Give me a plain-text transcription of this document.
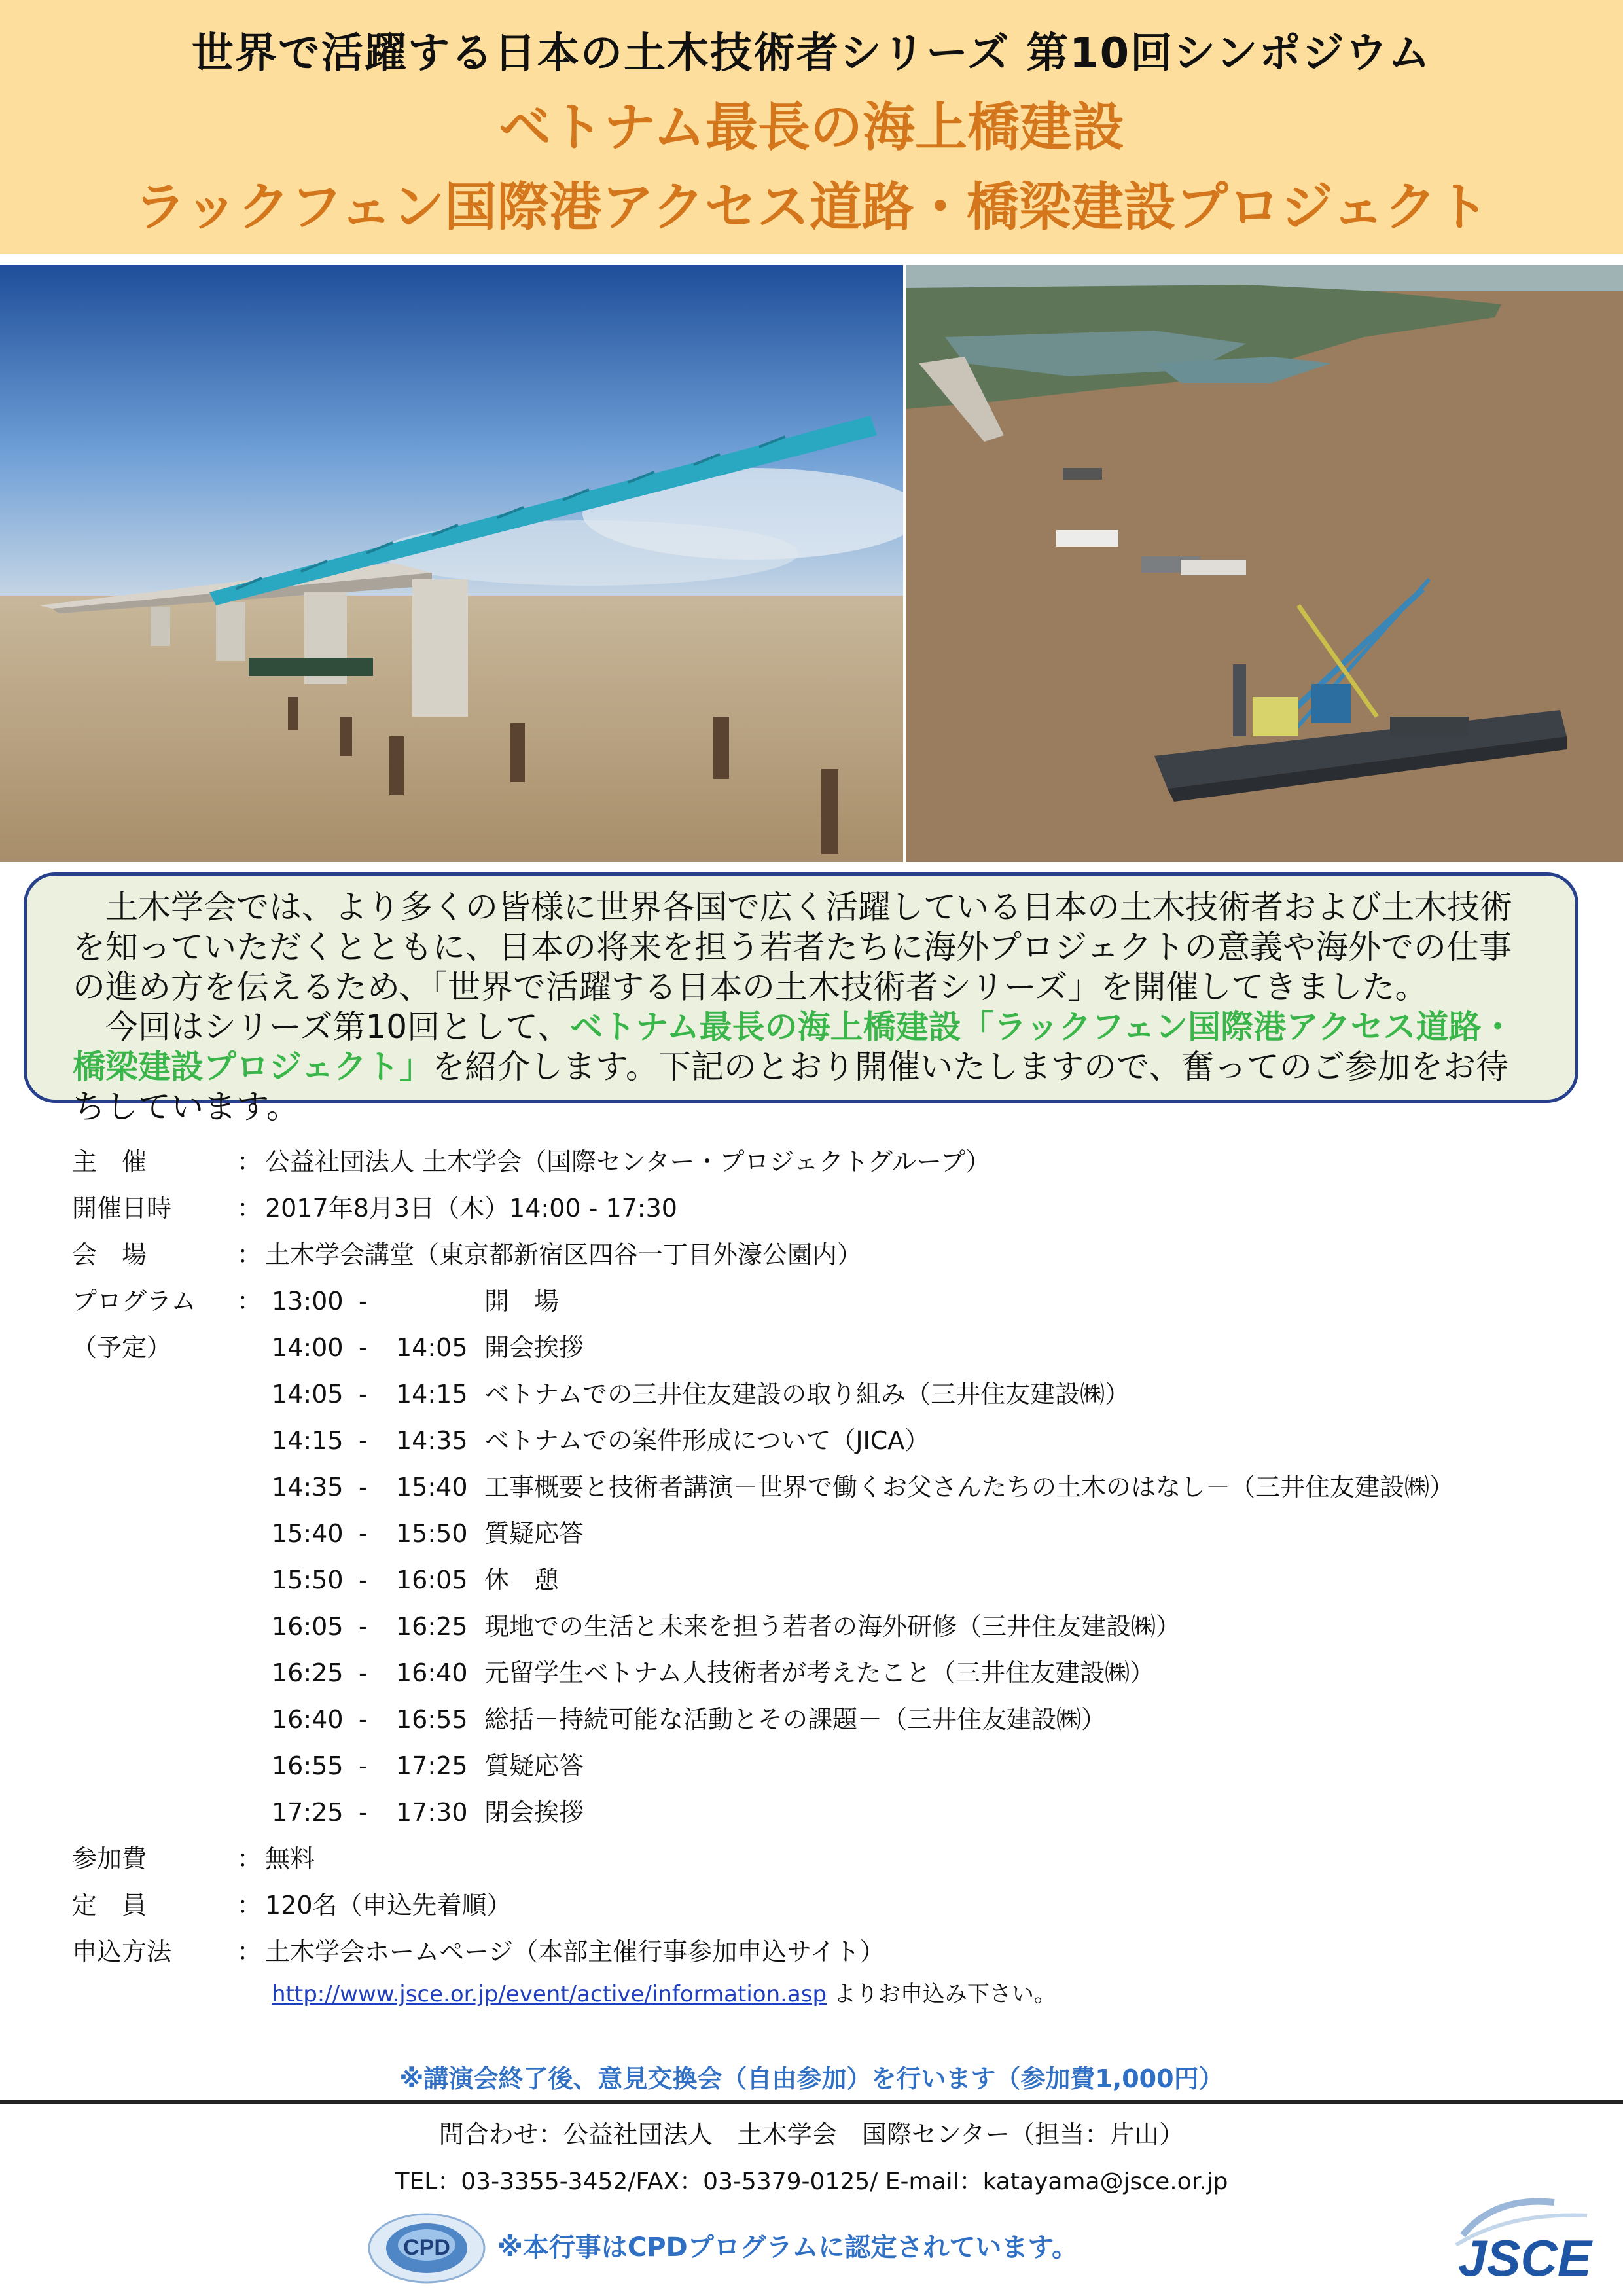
世界で活躍する日本の土木技術者シリーズ 第10回シンポジウム
ベトナム最長の海上橋建設
ラックフェン国際港アクセス道路・橋梁建設プロジェクト

土木学会では、より多くの皆様に世界各国で広く活躍している日本の土木技術者および土木技術を知っていただくとともに、日本の将来を担う若者たちに海外プロジェクトの意義や海外での仕事の進め方を伝えるため、「世界で活躍する日本の土木技術者シリーズ」を開催してきました。

今回はシリーズ第10回として、ベトナム最長の海上橋建設「ラックフェン国際港アクセス道路・橋梁建設プロジェクト」を紹介します。下記のとおり開催いたしますので、奮ってのご参加をお待ちしています。

主　催	： 公益社団法人 土木学会（国際センター・プロジェクトグループ）
開催日時	： 2017年8月3日（木）14:00 - 17:30
会　場	： 土木学会講堂（東京都新宿区四谷一丁目外濠公園内）
プログラム ： 13:00 -	開　場
（予定）	14:00 - 14:05 開会挨拶
14:05 - 14:15 ベトナムでの三井住友建設の取り組み（三井住友建設㈱）
14:15 - 14:35 ベトナムでの案件形成について（JICA）
14:35 - 15:40 工事概要と技術者講演－世界で働くお父さんたちの土木のはなし－（三井住友建設㈱）
15:40 - 15:50 質疑応答
15:50 - 16:05 休　憩
16:05 - 16:25 現地での生活と未来を担う若者の海外研修（三井住友建設㈱）
16:25 - 16:40 元留学生ベトナム人技術者が考えたこと（三井住友建設㈱）
16:40 - 16:55 総括－持続可能な活動とその課題－（三井住友建設㈱）
16:55 - 17:25 質疑応答
17:25 - 17:30 閉会挨拶
参加費	： 無料
定　員	： 120名（申込先着順）
申込方法	： 土木学会ホームページ（本部主催行事参加申込サイト）
http://www.jsce.or.jp/event/active/information.asp よりお申込み下さい。
※講演会終了後、意見交換会（自由参加）を行います（参加費1,000円）
問合わせ：公益社団法人　土木学会　国際センター（担当：片山）
TEL：03-3355-3452/FAX：03-5379-0125/ E-mail：katayama@jsce.or.jp
CPD ※本行事はCPDプログラムに認定されています。	JSCE
